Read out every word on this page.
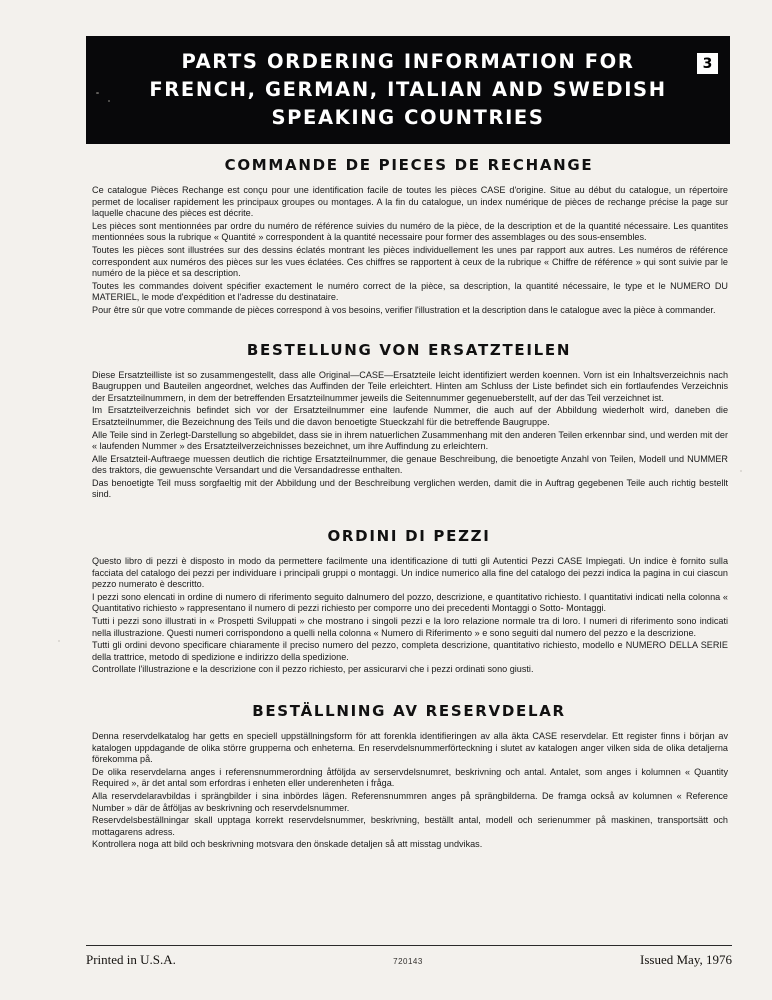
PARTS ORDERING INFORMATION FOR
FRENCH, GERMAN, ITALIAN AND SWEDISH
SPEAKING COUNTRIES
3
COMMANDE DE PIECES DE RECHANGE

Ce catalogue Pièces Rechange est conçu pour une identification facile de toutes les pièces CASE d'origine. Situe au début du catalogue, un répertoire permet de localiser rapidement les principaux groupes ou montages. A la fin du catalogue, un index numérique de pièces de rechange précise la page sur laquelle chacune des pièces est décrite.

Les pièces sont mentionnées par ordre du numéro de référence suivies du numéro de la pièce, de la description et de la quantité nécessaire. Les quantites mentionnées sous la rubrique « Quantité » correspondent à la quantité necessaire pour former des assemblages ou des sous-ensembles.

Toutes les pièces sont illustrées sur des dessins éclatés montrant les pièces individuellement les unes par rapport aux autres. Les numéros de référence correspondent aux numéros des pièces sur les vues éclatées. Ces chiffres se rapportent à ceux de la rubrique « Chiffre de référence » qui sont suivie par le numéro de la pièce et sa description.

Toutes les commandes doivent spécifier exactement le numéro correct de la pièce, sa description, la quantité nécessaire, le type et le NUMERO DU MATERIEL, le mode d'expédition et l'adresse du destinataire.

Pour être sûr que votre commande de pièces correspond à vos besoins, verifier l'illustration et la description dans le catalogue avec la pièce à commander.

BESTELLUNG VON ERSATZTEILEN

Diese Ersatzteilliste ist so zusammengestellt, dass alle Original—CASE—Ersatzteile leicht identifiziert werden koennen. Vorn ist ein Inhaltsverzeichnis nach Baugruppen und Bauteilen angeordnet, welches das Auffinden der Teile erleichtert. Hinten am Schluss der Liste befindet sich ein fortlaufendes Verzeichnis der Ersatzteilnummern, in dem der betreffenden Ersatzteilnummer jeweils die Seitennummer gegenueberstellt, auf der das Teil verzeichnet ist.

Im Ersatzteilverzeichnis befindet sich vor der Ersatzteilnummer eine laufende Nummer, die auch auf der Abbildung wiederholt wird, daneben die Ersatzteilnummer, die Bezeichnung des Teils und die davon benoetigte Stueckzahl für die betreffende Baugruppe.

Alle Teile sind in Zerlegt-Darstellung so abgebildet, dass sie in ihrem natuerlichen Zusammenhang mit den anderen Teilen erkennbar sind, und werden mit der « laufenden Nummer » des Ersatzteilverzeichnisses bezeichnet, um ihre Auffindung zu erleichtern.

Alle Ersatzteil-Auftraege muessen deutlich die richtige Ersatzteilnummer, die genaue Beschreibung, die benoetigte Anzahl von Teilen, Modell und NUMMER des traktors, die gewuenschte Versandart und die Versandadresse enthalten.

Das benoetigte Teil muss sorgfaeltig mit der Abbildung und der Beschreibung verglichen werden, damit die in Auftrag gegebenen Teile auch richtig bestellt sind.

ORDINI DI PEZZI

Questo libro di pezzi è disposto in modo da permettere facilmente una identificazione di tutti gli Autentici Pezzi CASE Impiegati. Un indice è fornito sulla facciata del catalogo dei pezzi per individuare i principali gruppi o montaggi. Un indice numerico alla fine del catalogo dei pezzi indica la pagina in cui ciascun pezzo numerato è descritto.

I pezzi sono elencati in ordine di numero di riferimento seguito dalnumero del pozzo, descrizione, e quantitativo richiesto. I quantitativi indicati nella colonna « Quantitativo richiesto » rappresentano il numero di pezzi richiesto per comporre uno dei precedenti Montaggi o Sotto- Montaggi.

Tutti i pezzi sono illustrati in « Prospetti Sviluppati » che mostrano i singoli pezzi e la loro relazione normale tra di loro. I numeri di riferimento sono indicati nella illustrazione. Questi numeri corrispondono a quelli nella colonna « Numero di Riferimento » e sono seguiti dal numero del pezzo e la descrizione.

Tutti gli ordini devono specificare chiaramente il preciso numero del pezzo, completa descrizione, quantitativo richiesto, modello e NUMERO DELLA SERIE della trattrice, metodo di spedizione e indirizzo della spedizione.

Controllate l'illustrazione e la descrizione con il pezzo richiesto, per assicurarvi che i pezzi ordinati sono giusti.

BESTÄLLNING AV RESERVDELAR

Denna reservdelkatalog har getts en speciell uppställningsform för att forenkla identifieringen av alla äkta CASE reservdelar. Ett register finns i början av katalogen uppdagande de olika större grupperna och enheterna. En reservdelsnummerförteckning i slutet av katalogen anger vilken sida de olika detaljerna förekomma på.

De olika reservdelarna anges i referensnummerordning åtföljda av serservdelsnumret, beskrivning och antal. Antalet, som anges i kolumnen « Quantity Required », är det antal som erfordras i enheten eller underenheten i fråga.

Alla reservdelaravbildas i sprängbilder i sina inbördes lägen. Referensnummren anges på sprängbilderna. De framga också av kolumnen « Reference Number » där de åtföljas av beskrivning och reservdelsnummer.

Reservdelsbeställningar skall upptaga korrekt reservdelsnummer, beskrivning, beställt antal, modell och serienummer på maskinen, transportsätt och mottagarens adress.

Kontrollera noga att bild och beskrivning motsvara den önskade detaljen så att misstag undvikas.

Printed in U.S.A.	720143	Issued May, 1976
